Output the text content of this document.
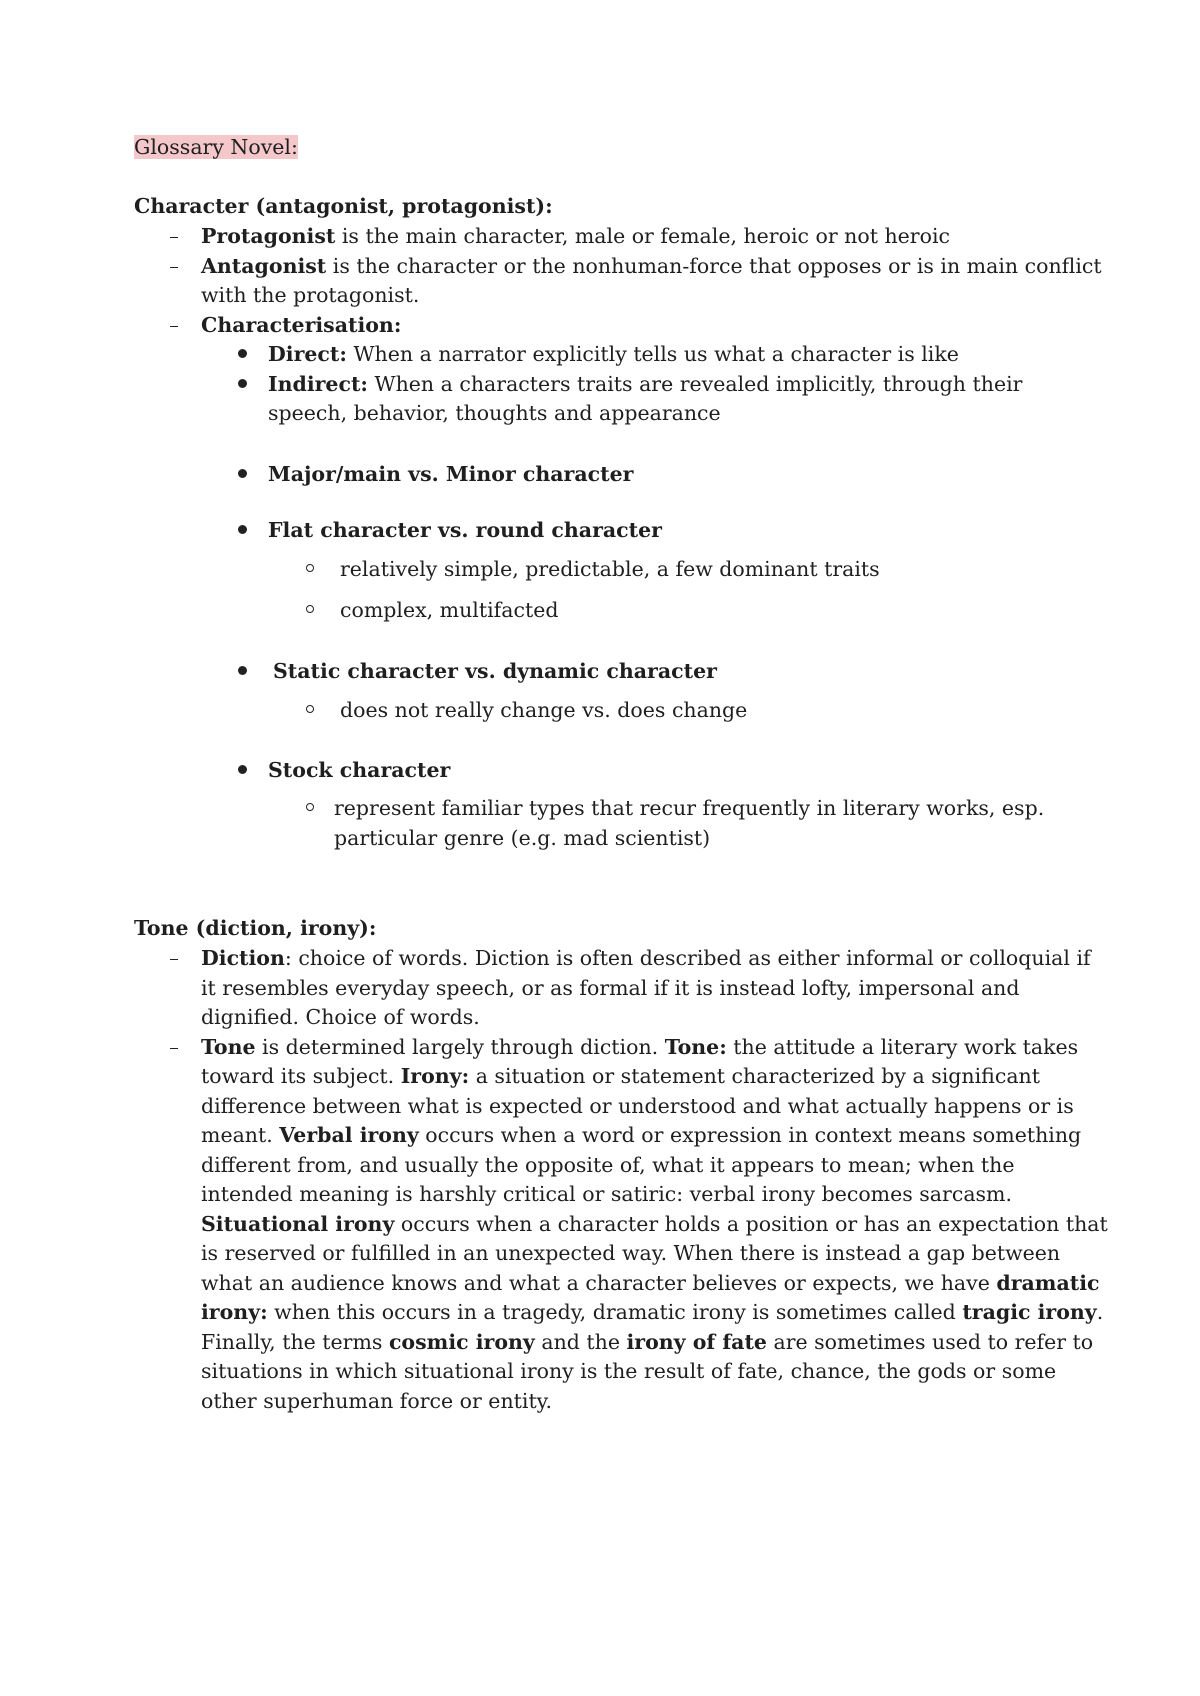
Glossary Novel:
Character (antagonist, protagonist):
Protagonist is the main character, male or female, heroic or not heroic
Antagonist is the character or the nonhuman-force that opposes or is in main conflict
with the protagonist.
Characterisation:
Direct: When a narrator explicitly tells us what a character is like
Indirect: When a characters traits are revealed implicitly, through their
speech, behavior, thoughts and appearance
Major/main vs. Minor character
Flat character vs. round character
relatively simple, predictable, a few dominant traits
complex, multifacted
Static character vs. dynamic character
does not really change vs. does change
Stock character
represent familiar types that recur frequently in literary works, esp.
particular genre (e.g. mad scientist)
Tone (diction, irony):
Diction: choice of words. Diction is often described as either informal or colloquial if
it resembles everyday speech, or as formal if it is instead lofty, impersonal and
dignified. Choice of words.
Tone is determined largely through diction. Tone: the attitude a literary work takes
toward its subject. Irony: a situation or statement characterized by a significant
difference between what is expected or understood and what actually happens or is
meant. Verbal irony occurs when a word or expression in context means something
different from, and usually the opposite of, what it appears to mean; when the
intended meaning is harshly critical or satiric: verbal irony becomes sarcasm.
Situational irony occurs when a character holds a position or has an expectation that
is reserved or fulfilled in an unexpected way. When there is instead a gap between
what an audience knows and what a character believes or expects, we have dramatic
irony: when this occurs in a tragedy, dramatic irony is sometimes called tragic irony.
Finally, the terms cosmic irony and the irony of fate are sometimes used to refer to
situations in which situational irony is the result of fate, chance, the gods or some
other superhuman force or entity.
